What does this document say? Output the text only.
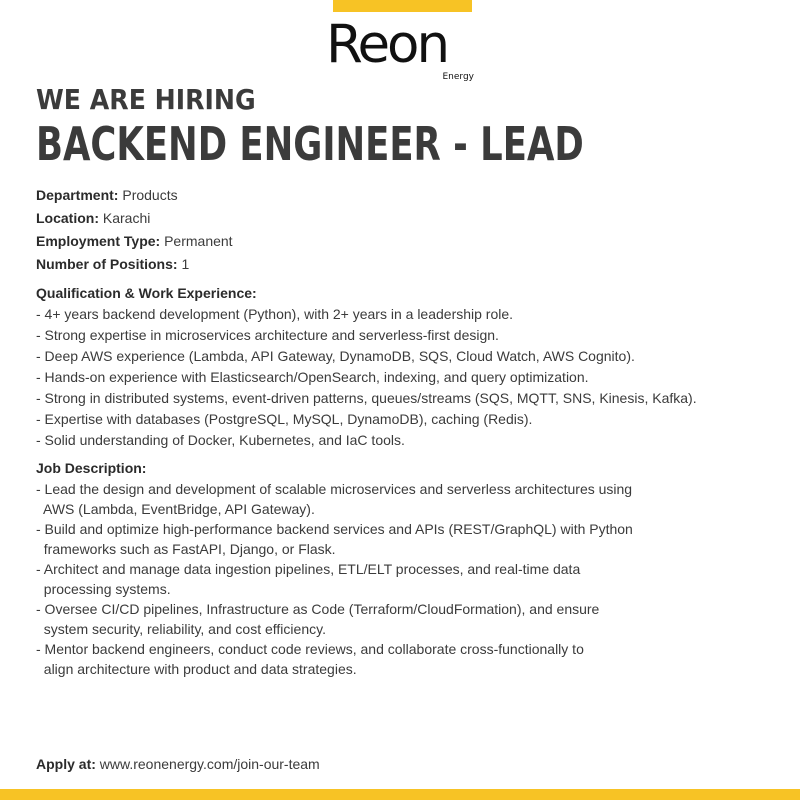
Reon
Energy
WE ARE HIRING
BACKEND ENGINEER - LEAD
Department: Products
Location: Karachi
Employment Type: Permanent
Number of Positions: 1
Qualification & Work Experience:
- 4+ years backend development (Python), with 2+ years in a leadership role.
- Strong expertise in microservices architecture and serverless-first design.
- Deep AWS experience (Lambda, API Gateway, DynamoDB, SQS, Cloud Watch, AWS Cognito).
- Hands-on experience with Elasticsearch/OpenSearch, indexing, and query optimization.
- Strong in distributed systems, event-driven patterns, queues/streams (SQS, MQTT, SNS, Kinesis, Kafka).
- Expertise with databases (PostgreSQL, MySQL, DynamoDB), caching (Redis).
- Solid understanding of Docker, Kubernetes, and IaC tools.
Job Description:
- Lead the design and development of scalable microservices and serverless architectures using
AWS (Lambda, EventBridge, API Gateway).
- Build and optimize high-performance backend services and APIs (REST/GraphQL) with Python
frameworks such as FastAPI, Django, or Flask.
- Architect and manage data ingestion pipelines, ETL/ELT processes, and real-time data
processing systems.
- Oversee CI/CD pipelines, Infrastructure as Code (Terraform/CloudFormation), and ensure
system security, reliability, and cost efficiency.
- Mentor backend engineers, conduct code reviews, and collaborate cross-functionally to
align architecture with product and data strategies.
Apply at: www.reonenergy.com/join-our-team
